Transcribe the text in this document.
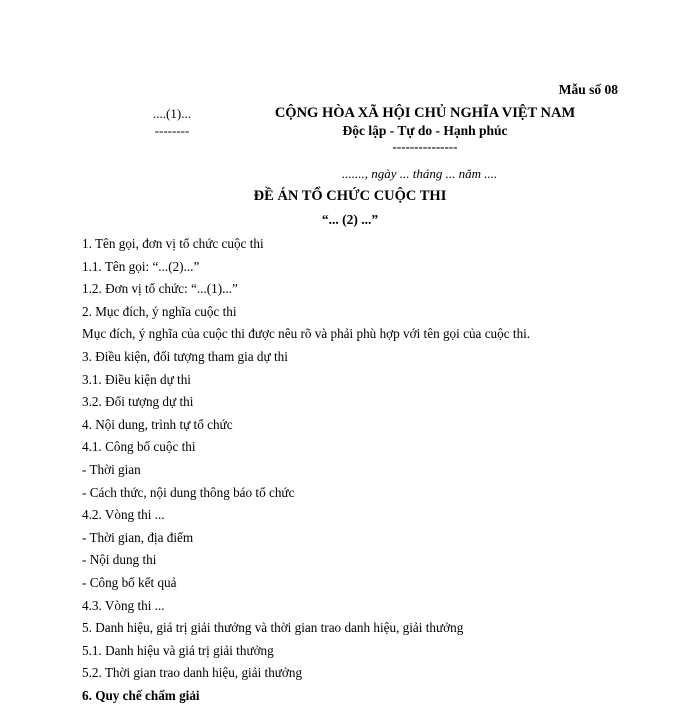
Mẫu số 08
....(1)...
--------
CỘNG HÒA XÃ HỘI CHỦ NGHĨA VIỆT NAM
Độc lập - Tự do - Hạnh phúc
---------------
......., ngày ... tháng ... năm ....
ĐỀ ÁN TỔ CHỨC CUỘC THI
“... (2) ...”
1. Tên gọi, đơn vị tổ chức cuộc thi
1.1. Tên gọi: “...(2)...”
1.2. Đơn vị tổ chức: “...(1)...”
2. Mục đích, ý nghĩa cuộc thi
Mục đích, ý nghĩa của cuộc thi được nêu rõ và phải phù hợp với tên gọi của cuộc thi.
3. Điều kiện, đối tượng tham gia dự thi
3.1. Điều kiện dự thi
3.2. Đối tượng dự thi
4. Nội dung, trình tự tổ chức
4.1. Công bố cuộc thi
- Thời gian
- Cách thức, nội dung thông báo tổ chức
4.2. Vòng thi ...
- Thời gian, địa điểm
- Nội dung thi
- Công bố kết quả
4.3. Vòng thi ...
5. Danh hiệu, giá trị giải thưởng và thời gian trao danh hiệu, giải thưởng
5.1. Danh hiệu và giá trị giải thưởng
5.2. Thời gian trao danh hiệu, giải thưởng
6. Quy chế chấm giải
